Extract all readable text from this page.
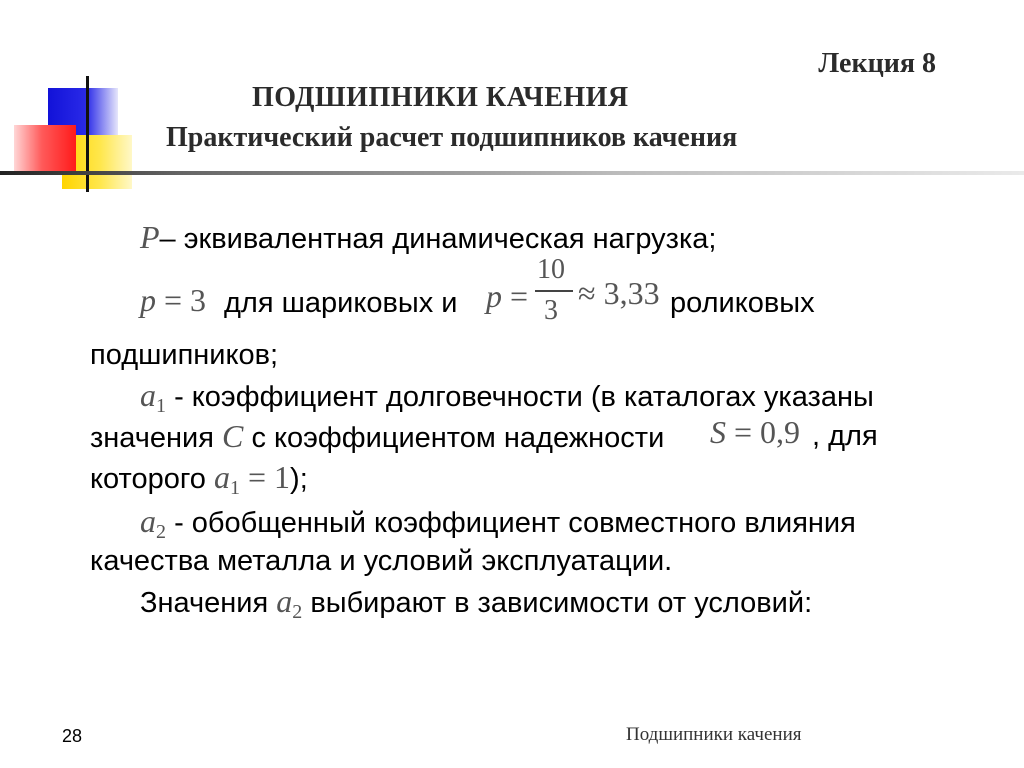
Лекция 8
ПОДШИПНИКИ КАЧЕНИЯ
Практический расчет подшипников качения
P– эквивалентная динамическая нагрузка;
p = 3 для шариковых и p =
10
3 ≈ 3,33 роликовых
подшипников;
$a_1$ - коэффициент долговечности (в каталогах указаны
значения C с коэффициентом надежности S = 0,9 , для
которого $a_1 = 1$);
$a_2$ - обобщенный коэффициент совместного влияния
качества металла и условий эксплуатации.
Значения $a_2$ выбирают в зависимости от условий:
28	Подшипники качения
